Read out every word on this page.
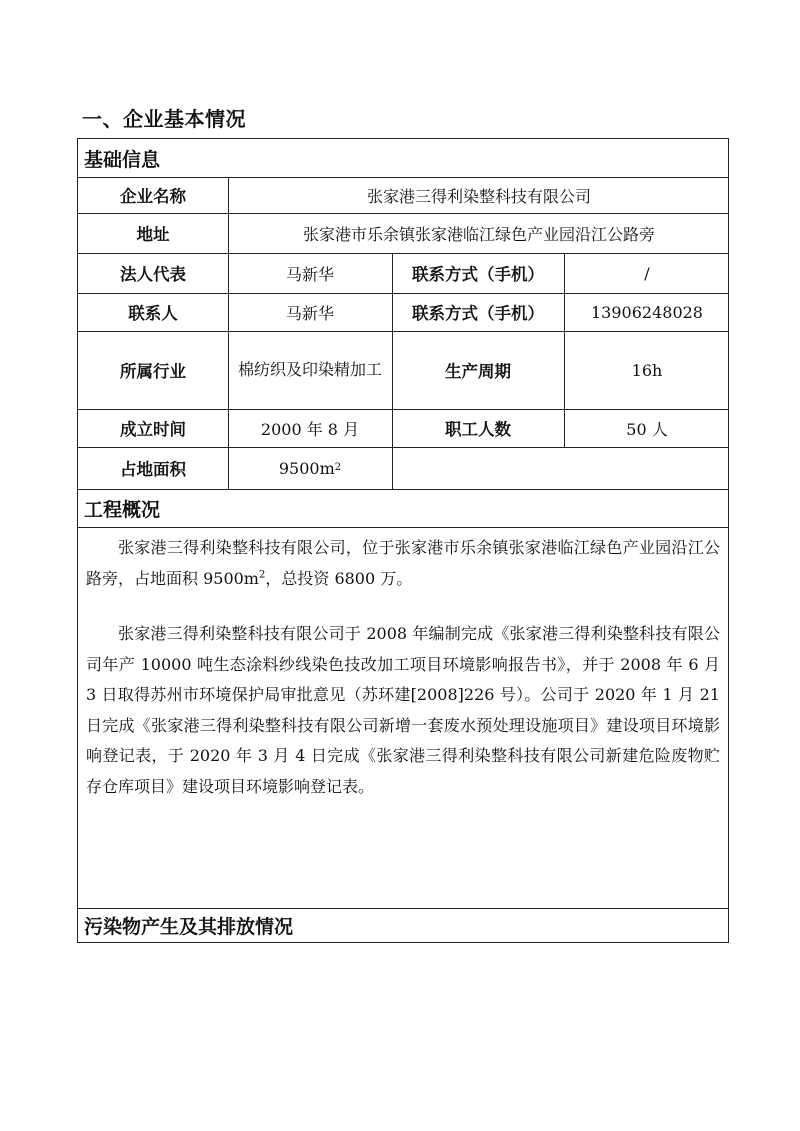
一、企业基本情况
基础信息
企业名称	张家港三得利染整科技有限公司
地址	张家港市乐余镇张家港临江绿色产业园沿江公路旁
法人代表	马新华	联系方式（手机）	/
联系人	马新华	联系方式（手机）	13906248028
所属行业	棉纺织及印染精加工	生产周期	16h
成立时间	2000 年 8 月	职工人数	50 人
占地面积	9500m 2
工程概况
张家港三得利染整科技有限公司，位于张家港市乐余镇张家港临江绿色产业园沿江公路旁，占地面积 $9500m^2$，总投资 6800 万。
张家港三得利染整科技有限公司于 2008 年编制完成《张家港三得利染整科技有限公司年产 10000 吨生态涂料纱线染色技改加工项目环境影响报告书》，并于 2008 年 6 月 3 日取得苏州市环境保护局审批意见（苏环建[2008]226 号）。公司于 2020 年 1 月 21 日完成《张家港三得利染整科技有限公司新增一套废水预处理设施项目》建设项目环境影响登记表，于 2020 年 3 月 4 日完成《张家港三得利染整科技有限公司新建危险废物贮存仓库项目》建设项目环境影响登记表。
污染物产生及其排放情况
